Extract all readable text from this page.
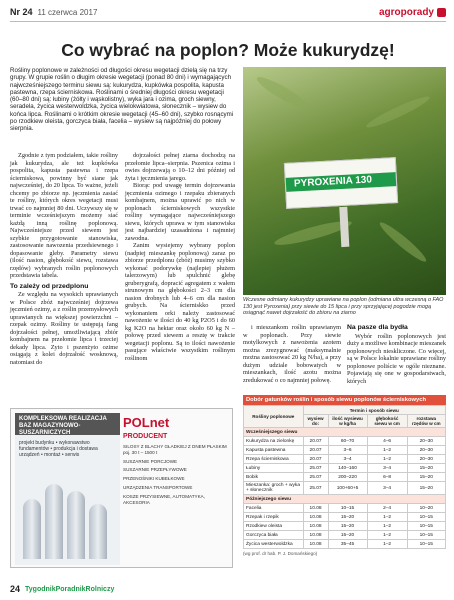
Nr 24 11 czerwca 2017	agroporady
Co wybrać na poplon? Może kukurydzę!
Rośliny poplonowe w zależności od długości okresu wegetacji dzielą się na trzy grupy. W grupie roślin o długim okresie wegetacji (ponad 80 dni) i wymagających najwcześniejszego terminu siewu są: kukurydza, kupkówka pospolita, kapusta pastewna, rzepa ścierniskowa. Roślinami o średniej długości okresu wegetacji (60–80 dni) są: łubiny (żółty i wąskolistny), wyka jara i ozima, groch siewny, seradela, życica westerwoldzka, życica wielokwiatowa, słonecznik – wysiew do końca lipca. Roślinami o krótkim okresie wegetacji (45–60 dni), szybko rosnącymi po rzodkiew oleista, gorczyca biała, facelia – wysiew są najpóźniej do połowy sierpnia.
PYROXENIA 130
Wczesne odmiany kukurydzy uprawiane na poplon (odmiana ultra wczesną o FAO 130 jest Pyroxenia) przy siewie do 15 lipca i przy sprzyjającej pogodzie mogą osiągnąć nawet dojrzałość do zbioru na ziarno

Zgodnie z tym podziałem, takie rośliny jak kukurydza, ale też kupkówka pospolita, kapusta pastewna i rzepa ścierniskowa, powinny być siane jak najwcześniej, do 20 lipca. To ważne, jeżeli chcemy po zbiorze np. jęczmienia zasiać te rośliny, których okres wegetacji musi trwać co najmniej 80 dni. Uczywszy się w terminie wcześniejszym możemy siać każdą inną roślinę poplonową. Najwcześniejsze przed siewem jest szybkie przygotowanie stanowiska, zastosowanie nawozenia przedsiewnego i dopasowanie gleby. Parametry siewu (ilość nasion, głębokość siewu, rozstawa rzędów) wybranych roślin poplonowych przedstawia tabela.

To zależy od przedplonu

Ze względu na wysokich uprawianych w Polsce zbóż najwcześniej dojrzewa jęczmień ozimy, a z roślin przemysłowych uprawianych na większej powierzchni – rzepak ozimy. Rośliny te ustępują fang dojrzałości pełnej, umożliwiającą zbiór kombajnem na przełomie lipca i trzeciej dekady lipca. Zyto i pszenżyto ozime osiągają z kolei dojrzałość wosknową, natomiast do

dojrzałości pełnej ziarna dochodzą na przełomie lipca–sierpnia. Pszenica ozima i owies dojrzewają o 10–12 dni później od żyta i jęczmienia jarego.

Biorąc pod uwagę termin dojrzewania jęczmienia ozimego i rzepaku zbieranych kombajnem, można uprawić po nich w poplonach ścierniskowych wszystkie rośliny wymagające najwcześniejszego siewu, których uprawa w tym stanowiska jest najbardziej uzasadniona i najmniej zawodna.

Zanim wysiejemy wybrany poplon (nadpiej mieszankę poplonową) zaraz po zbiorze przedplonu (zbóż) musimy szybko wykonać podorywkę (najlepiej płużem talerzowym) lub spulchnić glebę gruberygrafą, dopracić agregatem z wałem strunowym na głębokości 2–3 cm dla nasion drobnych lub 4–6 cm dla nasion grubych. Na ścierniskko przed wykonaniem orki należy zastosować nawożenie w ilości do 40 kg P2O5 i do 60 kg K2O na hektar oraz około 60 kg N – połowę przed siewem a resztę w trakcie wegetacji poplonu. Są to ilości nawożenie pasujące właściwie wszystkim roślinym roślinom

i mieszankom roślin uprawianym w poplonach. Przy siewie motylkowych z nawożenia azotem można zrezygnować (maksymalnie można zastosować 20 kg N/ha), a przy dużym udziale bobowatych w mieszankach, ilość azotu można zredukować o co najmniej połowę.

Na pasze dla bydła

Wybór roślin poplonowych jest duży a możliwe kombinacje mieszanek poplonowych nieskliczone. Co więcej, są w Polsce lokalnie uprawiane rośliny poplonowe poliście w ogóle nieznane. Pojawiają się one w gospodarstwach, których

KOMPLEKSOWA REALIZACJA BAZ MAGAZYNOWO-SUSZARNICZYCH
projekt budynku • wykonawstwo fundamentów • produkcja i dostawa urządzeń • montaż • serwis
POLnet
PRODUCENT
SILOSY Z BLACHY GŁADKIEJ Z DNEM PŁASKIM
poj. 30 t – 1500 t
SUSZARNIE PORCJOWE
SUSZARNIE PRZEPŁYWOWE
PRZENOŚNIKI KUBEŁKOWE
URZĄDZENIA TRANSPORTOWE
KOSZE PRZYSIEWNE, AUTOMATYKA, AKCESORIA
Dobór gatunków roślin i sposób siewu poplonów ścierniskowych
Rośliny poplonowe	Termin i sposób siewu			
	wysiew do:	ilość wysiewu w kg/ha	głębokość siewu w cm	rozstawa rzędów w cm
Wcześniejszego siewu				
Kukurydza na zielonkę	20.07	60–70	4–6	20–30
Kapusta pastewna	20.07	3–6	1–2	20–30
Rzepa ścierniskowa	20.07	3–4	1–2	20–30
Łubiny	25.07	140–160	3–4	15–20
Bobik	25.07	200–220	6–8	15–20
Mieszanka: groch + wyka + słonecznik	25.07	100+60+5	3–4	15–20
Późniejszego siewu				
Facelia	10.08	10–15	2–4	10–20
Rzepak i rzepik	10.08	15–20	1–2	10–15
Rzodkiew oleista	10.08	15–20	1–2	10–15
Gorczyca biała	10.08	15–20	1–2	10–15
Życica westerwoldzka	10.08	35–45	1–2	10–15
(wg prof. dr hab. P. J. Domańskiego)
24 TygodnikPoradnikRolniczy
